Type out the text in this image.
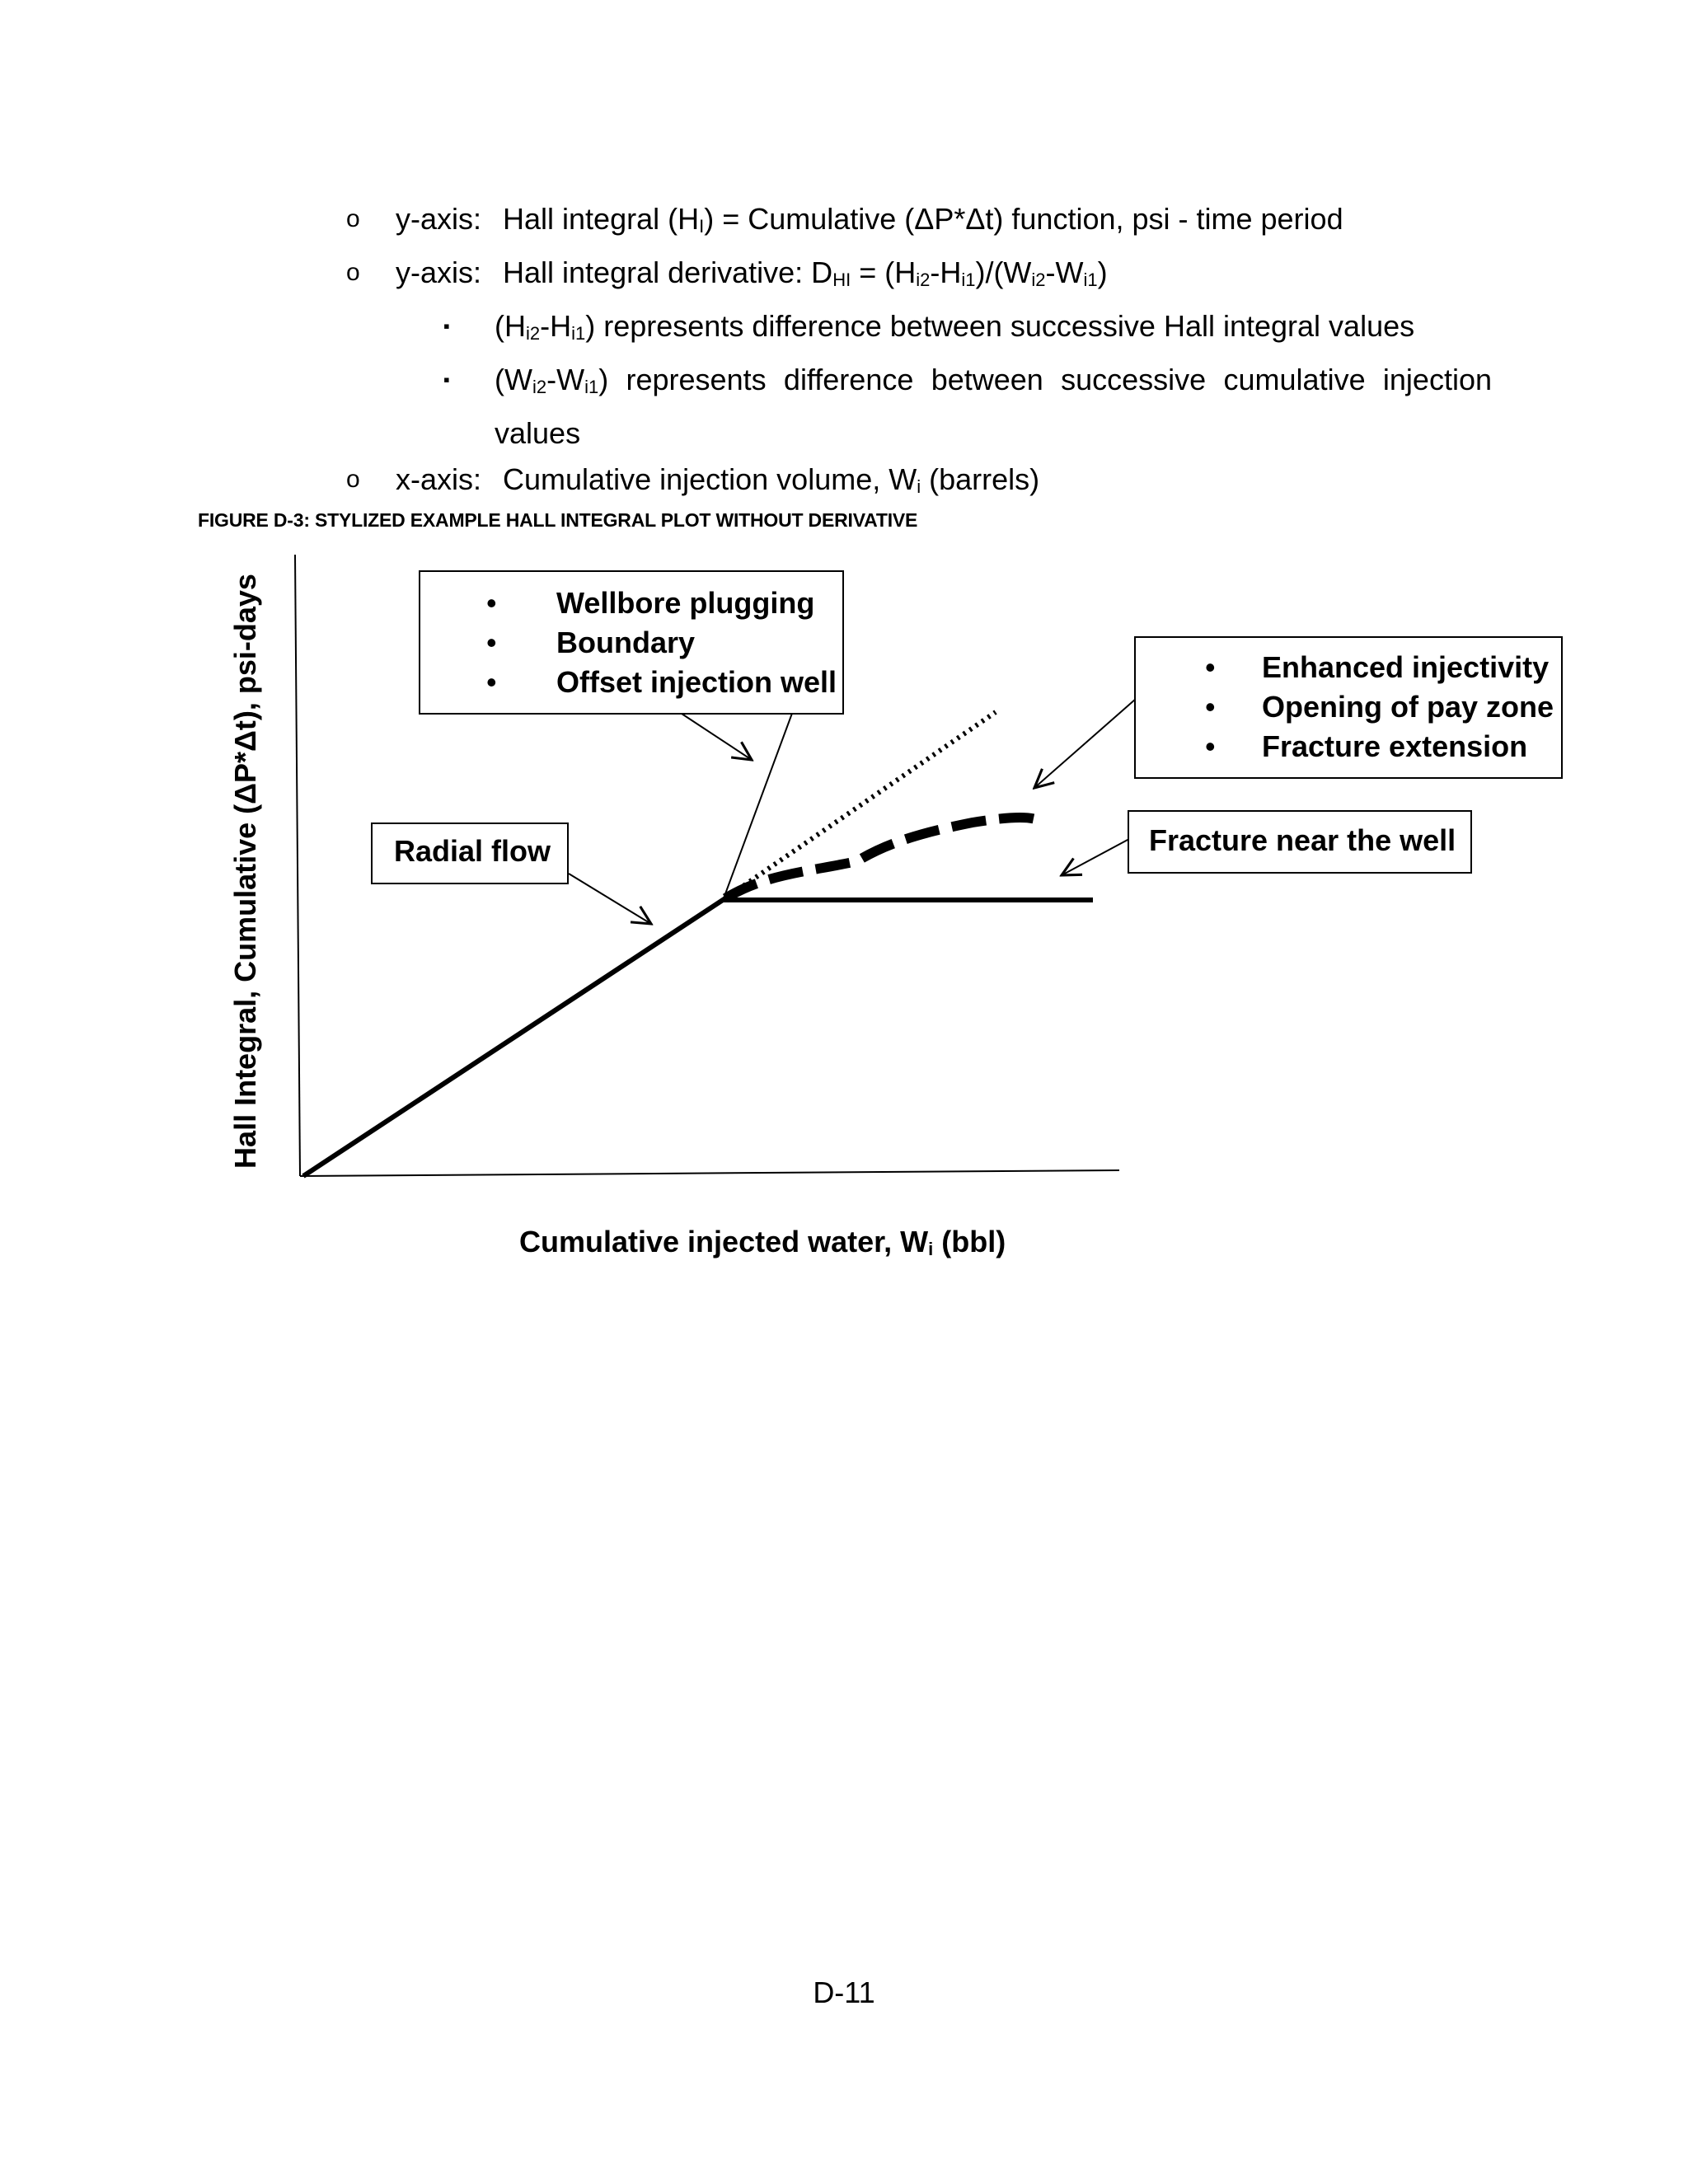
o y-axis: Hall integral $(H_I)$ = Cumulative (ΔP*Δt) function, psi - time period
o y-axis: Hall integral derivative: $D_{HI} = (H_{i2}-H_{i1})/(W_{i2}-W_{i1})$
▪ $(H_{i2}-H_{i1})$ represents difference between successive Hall integral values
▪ $(W_{i2}-W_{i1})$ represents difference between successive cumulative injection values
o x-axis: Cumulative injection volume, $W_i$ (barrels)
FIGURE D-3: STYLIZED EXAMPLE HALL INTEGRAL PLOT WITHOUT DERIVATIVE
• Wellbore plugging
• Boundary
• Offset injection well	• Enhanced injectivity
• Opening of pay zone
• Fracture extension
Radial flow	Fracture near the well
Cumulative injected water, $W_i$ (bbl)
Hall Integral, Cumulative (ΔP*Δt), psi-days
D-11
